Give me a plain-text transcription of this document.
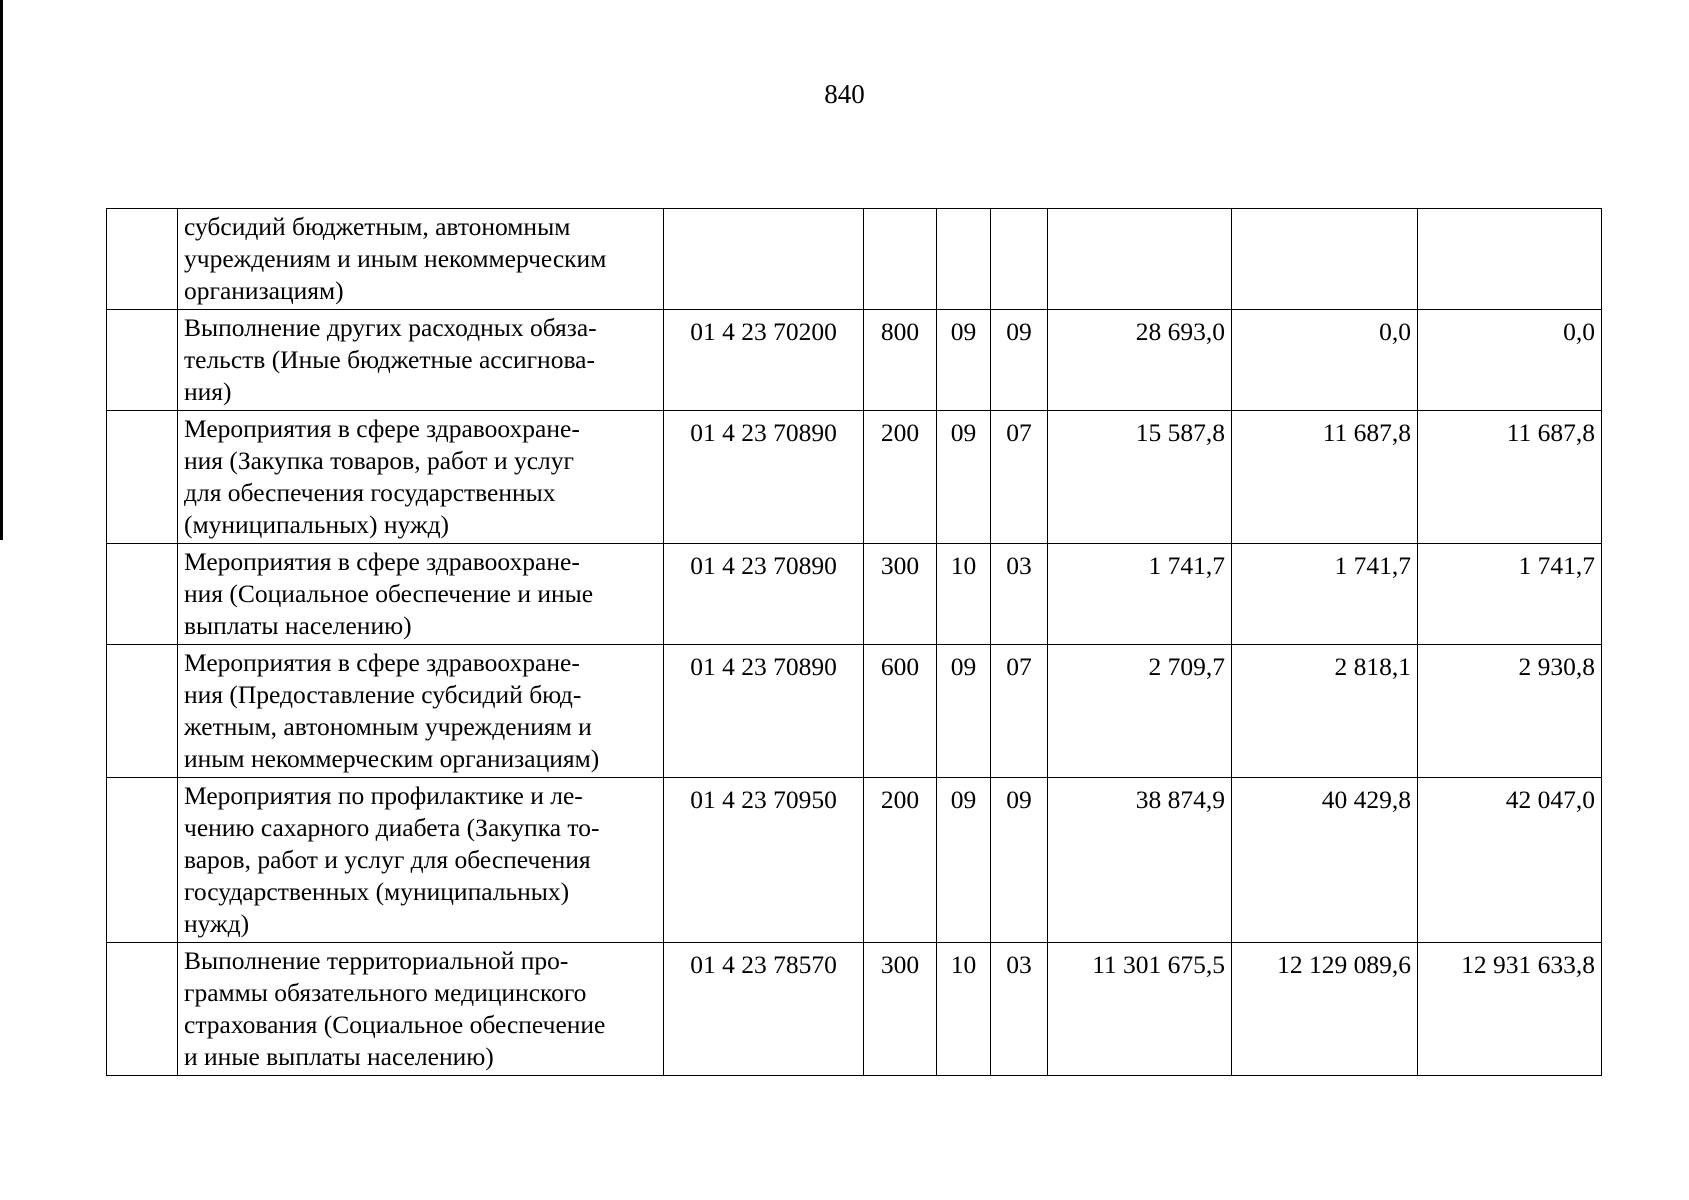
840
	субсидий бюджетным, автономным
учреждениям и иным некоммерческим
организациям)							
	Выполнение других расходных обяза-
тельств (Иные бюджетные ассигнова-
ния)	01 4 23 70200	800	09	09	28 693,0	0,0	0,0
	Мероприятия в сфере здравоохране-
ния (Закупка товаров, работ и услуг
для обеспечения государственных
(муниципальных) нужд)	01 4 23 70890	200	09	07	15 587,8	11 687,8	11 687,8
	Мероприятия в сфере здравоохране-
ния (Социальное обеспечение и иные
выплаты населению)	01 4 23 70890	300	10	03	1 741,7	1 741,7	1 741,7
	Мероприятия в сфере здравоохране-
ния (Предоставление субсидий бюд-
жетным, автономным учреждениям и
иным некоммерческим организациям)	01 4 23 70890	600	09	07	2 709,7	2 818,1	2 930,8
	Мероприятия по профилактике и ле-
чению сахарного диабета (Закупка то-
варов, работ и услуг для обеспечения
государственных (муниципальных)
нужд)	01 4 23 70950	200	09	09	38 874,9	40 429,8	42 047,0
	Выполнение территориальной про-
граммы обязательного медицинского
страхования (Социальное обеспечение
и иные выплаты населению)	01 4 23 78570	300	10	03	11 301 675,5	12 129 089,6	12 931 633,8
